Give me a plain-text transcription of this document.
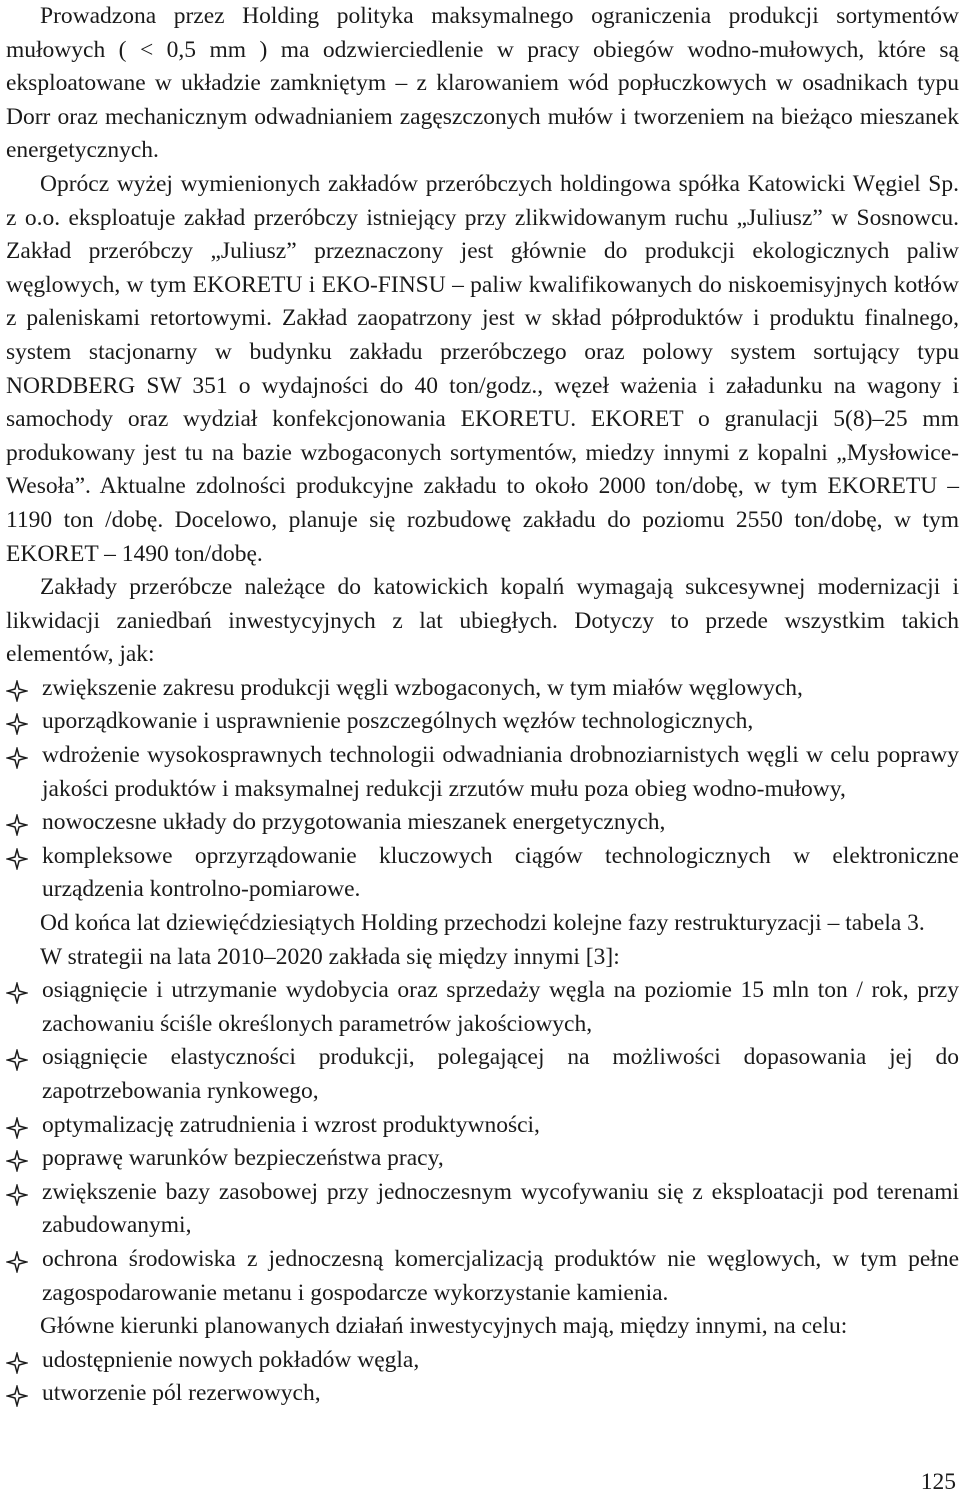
Prowadzona przez Holding polityka maksymalnego ograniczenia produkcji sortymentów mułowych ( < 0,5 mm ) ma odzwierciedlenie w pracy obiegów wodno-mułowych, które są eksploatowane w układzie zamkniętym – z klarowaniem wód popłuczkowych w osadnikach typu Dorr oraz mechanicznym odwadnianiem zagęszczonych mułów i tworzeniem na bieżąco mieszanek energetycznych.

Oprócz wyżej wymienionych zakładów przeróbczych holdingowa spółka Katowicki Węgiel Sp. z o.o. eksploatuje zakład przeróbczy istniejący przy zlikwidowanym ruchu „Juliusz” w Sosnowcu. Zakład przeróbczy „Juliusz” przeznaczony jest głównie do produkcji ekologicznych paliw węglowych, w tym EKORETU i EKO-FINSU – paliw kwalifikowanych do niskoemisyjnych kotłów z paleniskami retortowymi. Zakład zaopatrzony jest w skład półproduktów i produktu finalnego, system stacjonarny w budynku zakładu przeróbczego oraz polowy system sortujący typu NORDBERG SW 351 o wydajności do 40 ton/godz., węzeł ważenia i załadunku na wagony i samochody oraz wydział konfekcjonowania EKORETU. EKORET o granulacji 5(8)–25 mm produkowany jest tu na bazie wzbogaconych sortymentów, miedzy innymi z kopalni „Mysłowice-Wesoła”. Aktualne zdolności produkcyjne zakładu to około 2000 ton/dobę, w tym EKORETU – 1190 ton /dobę. Docelowo, planuje się rozbudowę zakładu do poziomu 2550 ton/dobę, w tym EKORET – 1490 ton/dobę.

Zakłady przeróbcze należące do katowickich kopalń wymagają sukcesywnej modernizacji i likwidacji zaniedbań inwestycyjnych z lat ubiegłych. Dotyczy to przede wszystkim takich elementów, jak:

zwiększenie zakresu produkcji węgli wzbogaconych, w tym miałów węglowych,
uporządkowanie i usprawnienie poszczególnych węzłów technologicznych,
wdrożenie wysokosprawnych technologii odwadniania drobnoziarnistych węgli w celu poprawy jakości produktów i maksymalnej redukcji zrzutów mułu poza obieg wodno-mułowy,
nowoczesne układy do przygotowania mieszanek energetycznych,
kompleksowe oprzyrządowanie kluczowych ciągów technologicznych w elektroniczne urządzenia kontrolno-pomiarowe.

Od końca lat dziewięćdziesiątych Holding przechodzi kolejne fazy restrukturyzacji – tabela 3.

W strategii na lata 2010–2020 zakłada się między innymi [3]:

osiągnięcie i utrzymanie wydobycia oraz sprzedaży węgla na poziomie 15 mln ton / rok, przy zachowaniu ściśle określonych parametrów jakościowych,
osiągnięcie elastyczności produkcji, polegającej na możliwości dopasowania jej do zapotrzebowania rynkowego,
optymalizację zatrudnienia i wzrost produktywności,
poprawę warunków bezpieczeństwa pracy,
zwiększenie bazy zasobowej przy jednoczesnym wycofywaniu się z eksploatacji pod terenami zabudowanymi,
ochrona środowiska z jednoczesną komercjalizacją produktów nie węglowych, w tym pełne zagospodarowanie metanu i gospodarcze wykorzystanie kamienia.

Główne kierunki planowanych działań inwestycyjnych mają, między innymi, na celu:

udostępnienie nowych pokładów węgla,
utworzenie pól rezerwowych,
125
